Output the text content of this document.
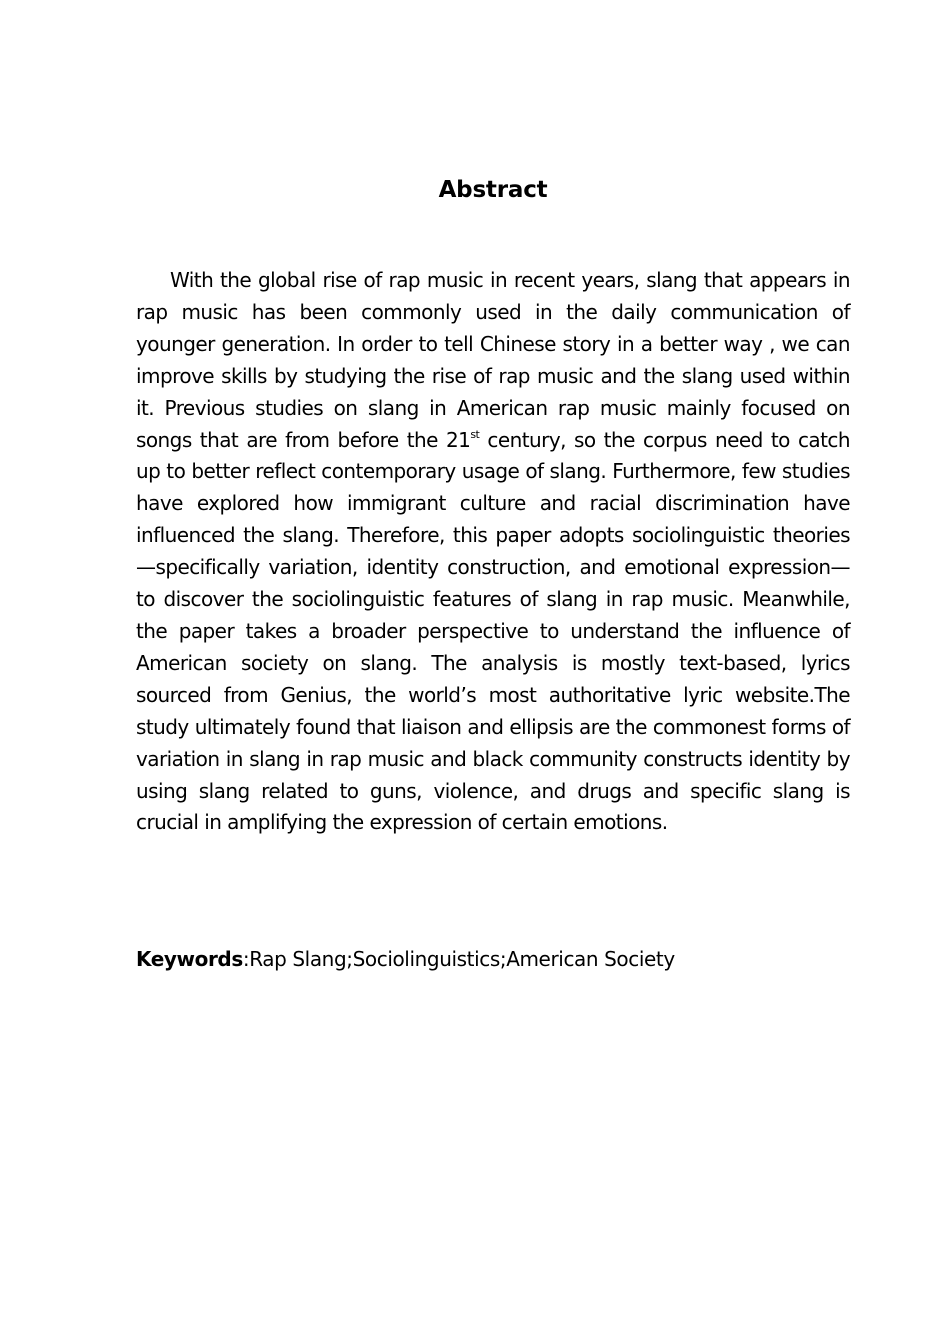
Abstract

With the global rise of rap music in recent years, slang that appears in rap music has been commonly used in the daily communication of younger generation. In order to tell Chinese story in a better way , we can improve skills by studying the rise of rap music and the slang used within it. Previous studies on slang in American rap music mainly focused on songs that are from before the 21st century, so the corpus need to catch up to better reflect contemporary usage of slang. Furthermore, few studies have explored how immigrant culture and racial discrimination have influenced the slang. Therefore, this paper adopts sociolinguistic theories—specifically variation, identity construction, and emotional expression— to discover the sociolinguistic features of slang in rap music. Meanwhile, the paper takes a broader perspective to understand the influence of American society on slang. The analysis is mostly text-based, lyrics sourced from Genius, the world’s most authoritative lyric website.The study ultimately found that liaison and ellipsis are the commonest forms of variation in slang in rap music and black community constructs identity by using slang related to guns, violence, and drugs and specific slang is crucial in amplifying the expression of certain emotions.

Keywords:Rap Slang;Sociolinguistics;American Society
